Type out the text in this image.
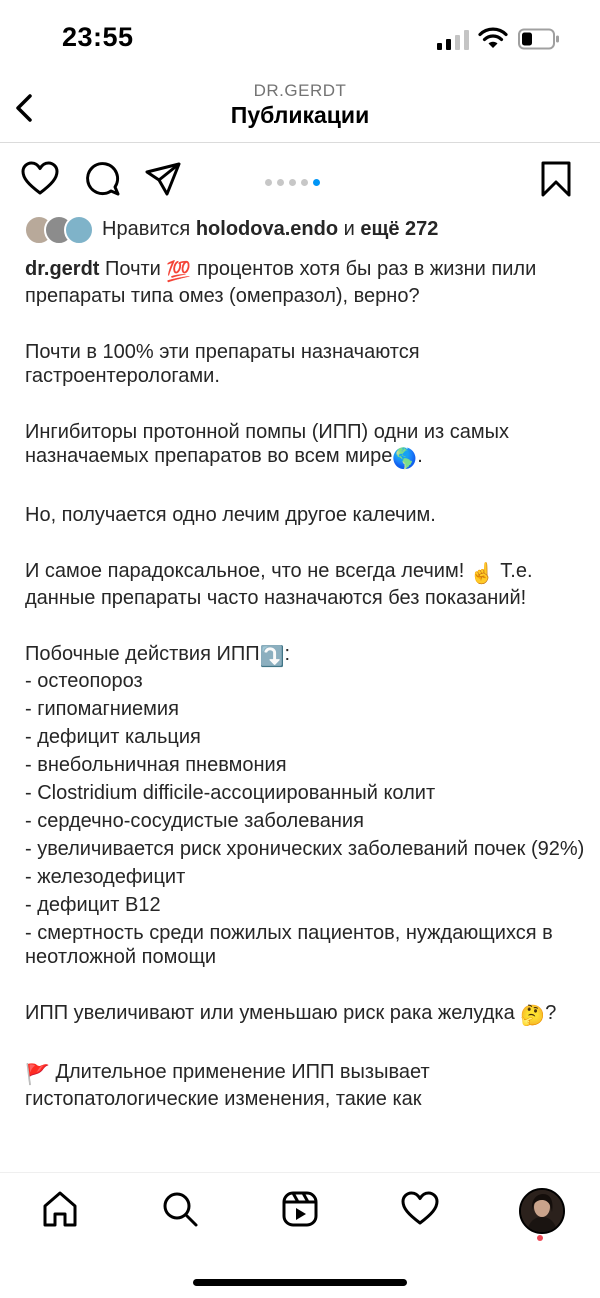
23:55
DR.GERDT
Публикации
Нравится holodova.endo и ещё 272

dr.gerdt Почти 💯 процентов хотя бы раз в жизни пили препараты типа омез (омепразол), верно?

Почти в 100% эти препараты назначаются гастроентерологами.

Ингибиторы протонной помпы (ИПП) одни из самых назначаемых препаратов во всем мире🌎.

Но, получается одно лечим другое калечим.

И самое парадоксальное, что не всегда лечим! ☝️ Т.е. данные препараты часто назначаются без показаний!

Побочные действия ИПП⤵️:

- остеопороз

- гипомагниемия

- дефицит кальция

- внебольничная пневмония

- Clostridium difficile-ассоциированный колит

- сердечно-сосудистые заболевания

- увеличивается риск хронических заболеваний почек (92%)

- железодефицит

- дефицит B12

- смертность среди пожилых пациентов, нуждающихся в неотложной помощи

ИПП увеличивают или уменьшаю риск рака желудка 🤔?

🚩 Длительное применение ИПП вызывает гистопатологические изменения, такие как
